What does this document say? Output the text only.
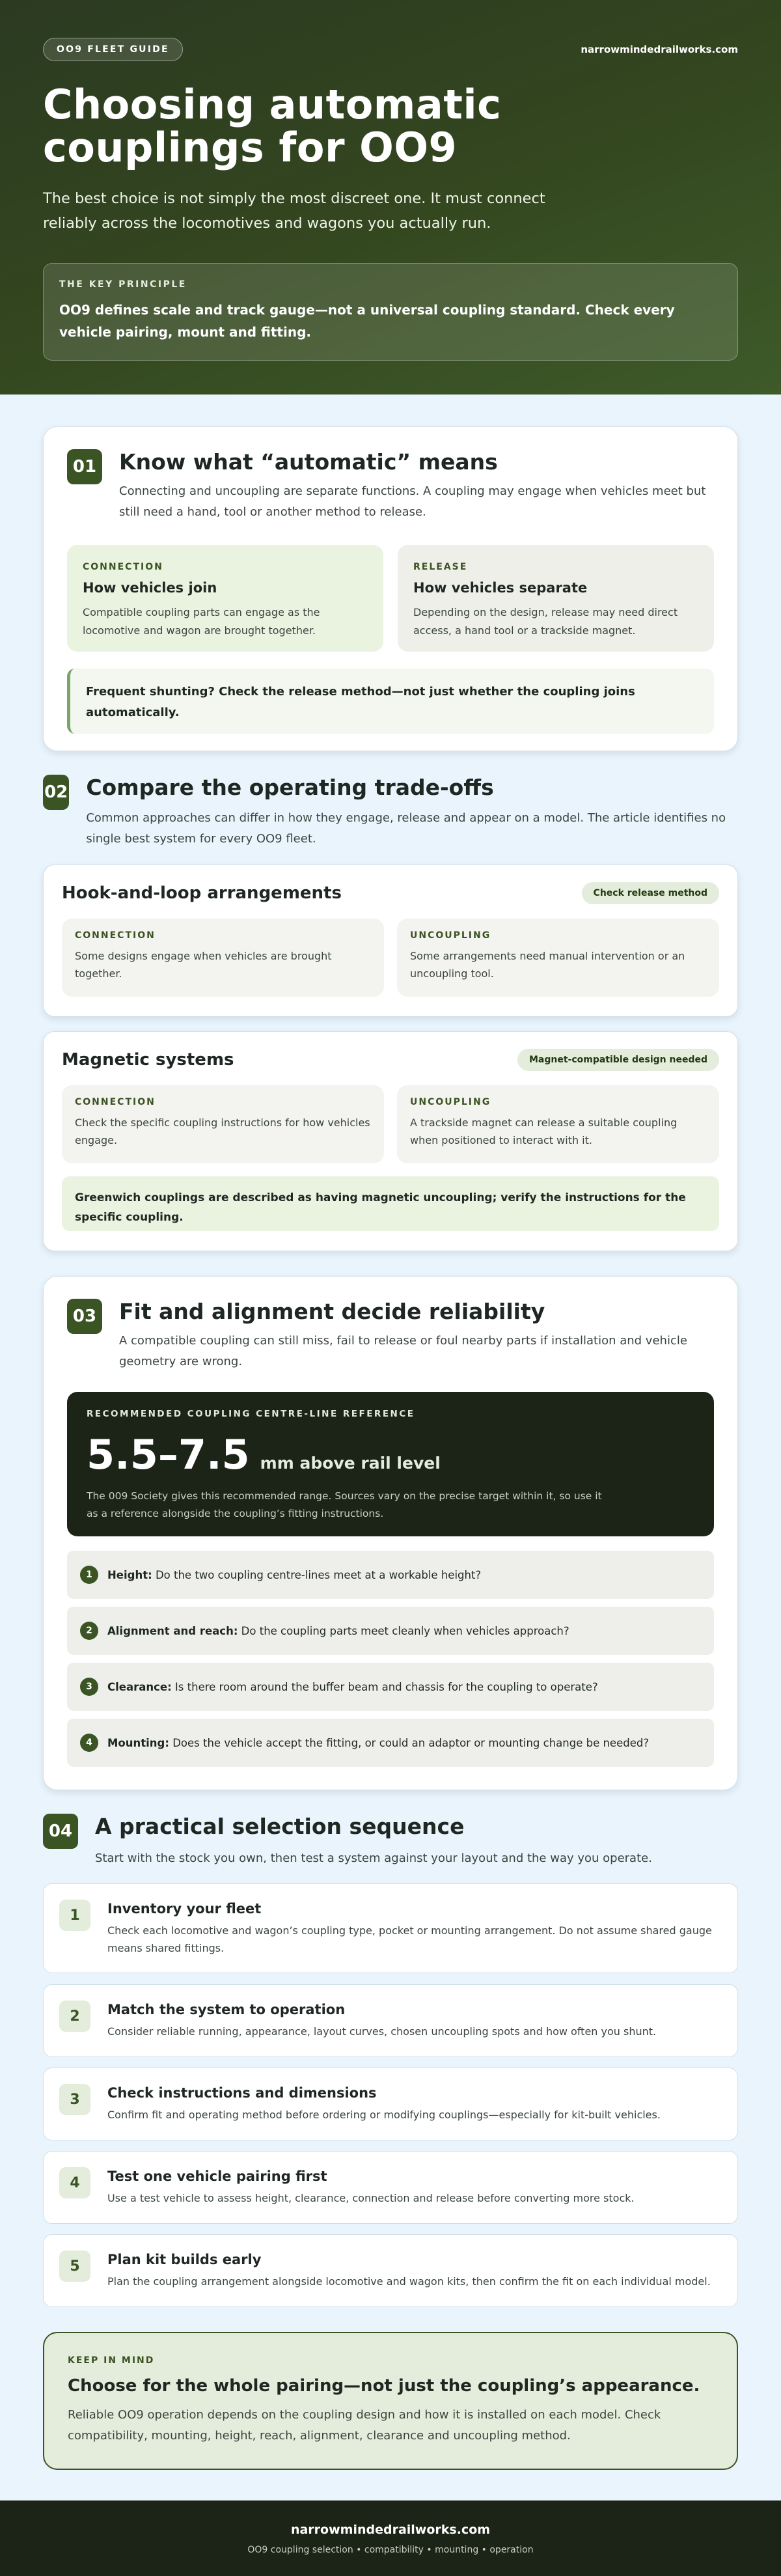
OO9 FLEET GUIDE	narrowmindedrailworks.com
Choosing automatic couplings for OO9

The best choice is not simply the most discreet one. It must connect reliably across the locomotives and wagons you actually run.

THE KEY PRINCIPLE
OO9 defines scale and track gauge—not a universal coupling standard. Check every vehicle pairing, mount and fitting.
01 Know what “automatic” means

Connecting and uncoupling are separate functions. A coupling may engage when vehicles meet but still need a hand, tool or another method to release.

CONNECTION
How vehicles join
Compatible coupling parts can engage as the locomotive and wagon are brought together.
RELEASE
How vehicles separate
Depending on the design, release may need direct access, a hand tool or a trackside magnet.
Frequent shunting? Check the release method—not just whether the coupling joins automatically.
02 Compare the operating trade-offs

Common approaches can differ in how they engage, release and appear on a model. The article identifies no single best system for every OO9 fleet.

Hook-and-loop arrangements	Check release method
CONNECTION
Some designs engage when vehicles are brought together.
UNCOUPLING
Some arrangements need manual intervention or an uncoupling tool.
Magnetic systems	Magnet-compatible design needed
CONNECTION
Check the specific coupling instructions for how vehicles engage.
UNCOUPLING
A trackside magnet can release a suitable coupling when positioned to interact with it.
Greenwich couplings are described as having magnetic uncoupling; verify the instructions for the specific coupling.
03 Fit and alignment decide reliability

A compatible coupling can still miss, fail to release or foul nearby parts if installation and vehicle geometry are wrong.

RECOMMENDED COUPLING CENTRE-LINE REFERENCE
5.5–7.5 mm above rail level
The 009 Society gives this recommended range. Sources vary on the precise target within it, so use it as a reference alongside the coupling’s fitting instructions.
1	Height: Do the two coupling centre-lines meet at a workable height?
2	Alignment and reach: Do the coupling parts meet cleanly when vehicles approach?
3	Clearance: Is there room around the buffer beam and chassis for the coupling to operate?
4	Mounting: Does the vehicle accept the fitting, or could an adaptor or mounting change be needed?
04 A practical selection sequence

Start with the stock you own, then test a system against your layout and the way you operate.

1	Inventory your fleet
Check each locomotive and wagon’s coupling type, pocket or mounting arrangement. Do not assume shared gauge means shared fittings.
2	Match the system to operation
Consider reliable running, appearance, layout curves, chosen uncoupling spots and how often you shunt.
3	Check instructions and dimensions
Confirm fit and operating method before ordering or modifying couplings—especially for kit-built vehicles.
4	Test one vehicle pairing first
Use a test vehicle to assess height, clearance, connection and release before converting more stock.
5	Plan kit builds early
Plan the coupling arrangement alongside locomotive and wagon kits, then confirm the fit on each individual model.
KEEP IN MIND
Choose for the whole pairing—not just the coupling’s appearance.
Reliable OO9 operation depends on the coupling design and how it is installed on each model. Check compatibility, mounting, height, reach, alignment, clearance and uncoupling method.
narrowmindedrailworks.com
OO9 coupling selection • compatibility • mounting • operation
